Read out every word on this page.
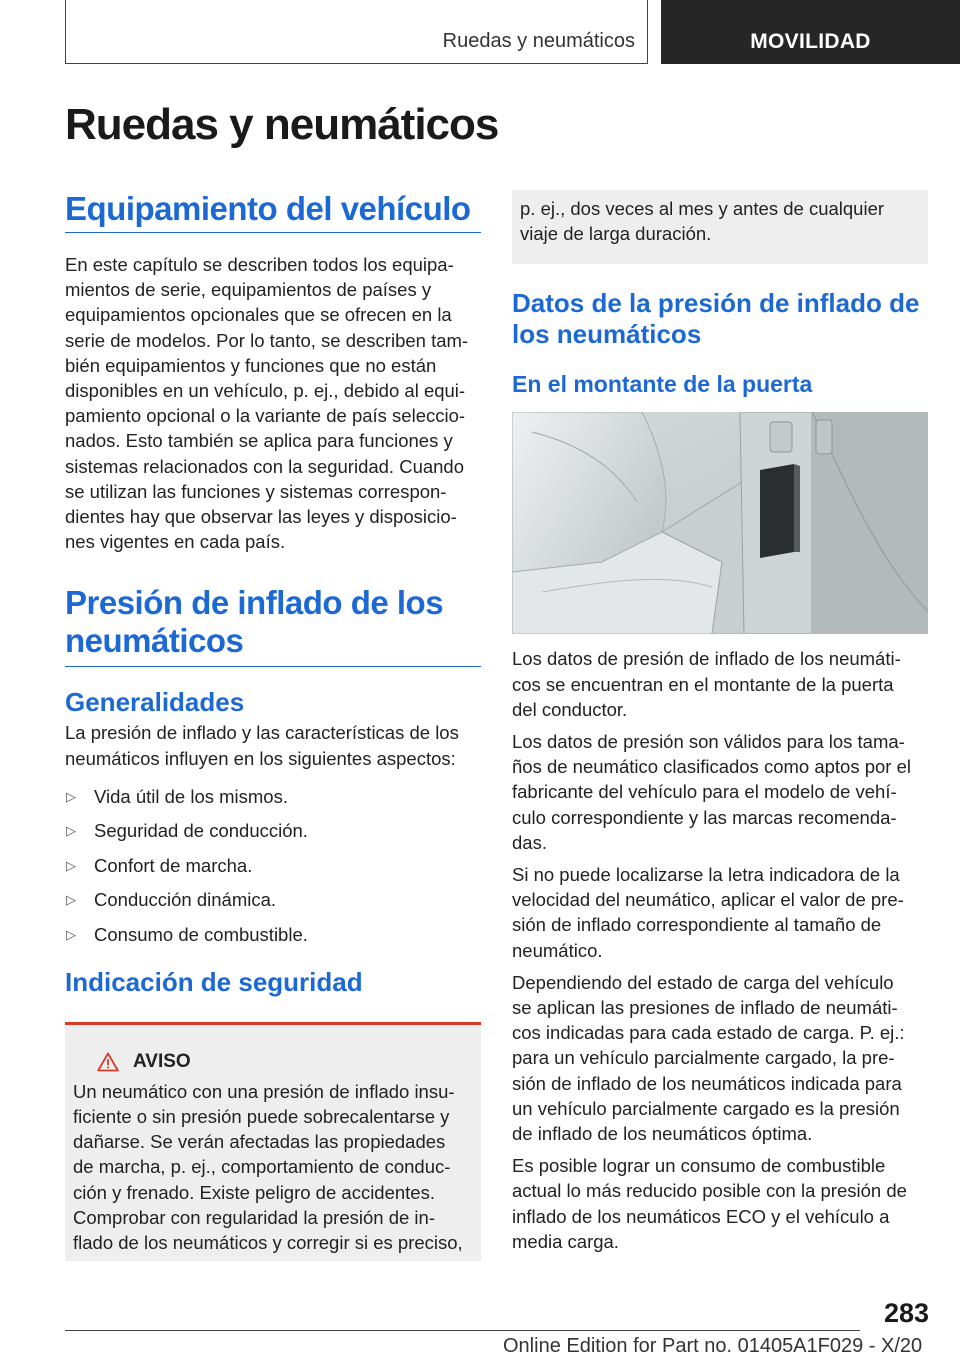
Ruedas y neumáticos	MOVILIDAD
Ruedas y neumáticos
Equipamiento del vehículo

En este capítulo se describen todos los equipa-
mientos de serie, equipamientos de países y
equipamientos opcionales que se ofrecen en la
serie de modelos. Por lo tanto, se describen tam-
bién equipamientos y funciones que no están
disponibles en un vehículo, p. ej., debido al equi-
pamiento opcional o la variante de país seleccio-
nados. Esto también se aplica para funciones y
sistemas relacionados con la seguridad. Cuando
se utilizan las funciones y sistemas correspon-
dientes hay que observar las leyes y disposicio-
nes vigentes en cada país.

Presión de inflado de los
neumáticos
Generalidades

La presión de inflado y las características de los
neumáticos influyen en los siguientes aspectos:

▷ Vida útil de los mismos.
▷ Seguridad de conducción.
▷ Confort de marcha.
▷ Conducción dinámica.
▷ Consumo de combustible.
Indicación de seguridad
AVISO

Un neumático con una presión de inflado insu-
ficiente o sin presión puede sobrecalentarse y
dañarse. Se verán afectadas las propiedades
de marcha, p. ej., comportamiento de conduc-
ción y frenado. Existe peligro de accidentes.
Comprobar con regularidad la presión de in-
flado de los neumáticos y corregir si es preciso,

p. ej., dos veces al mes y antes de cualquier
viaje de larga duración.

Datos de la presión de inflado de
los neumáticos
En el montante de la puerta

Los datos de presión de inflado de los neumáti-
cos se encuentran en el montante de la puerta
del conductor.

Los datos de presión son válidos para los tama-
ños de neumático clasificados como aptos por el
fabricante del vehículo para el modelo de vehí-
culo correspondiente y las marcas recomenda-
das.

Si no puede localizarse la letra indicadora de la
velocidad del neumático, aplicar el valor de pre-
sión de inflado correspondiente al tamaño de
neumático.

Dependiendo del estado de carga del vehículo
se aplican las presiones de inflado de neumáti-
cos indicadas para cada estado de carga. P. ej.:
para un vehículo parcialmente cargado, la pre-
sión de inflado de los neumáticos indicada para
un vehículo parcialmente cargado es la presión
de inflado de los neumáticos óptima.

Es posible lograr un consumo de combustible
actual lo más reducido posible con la presión de
inflado de los neumáticos ECO y el vehículo a
media carga.

283
Online Edition for Part no. 01405A1F029 - X/20
